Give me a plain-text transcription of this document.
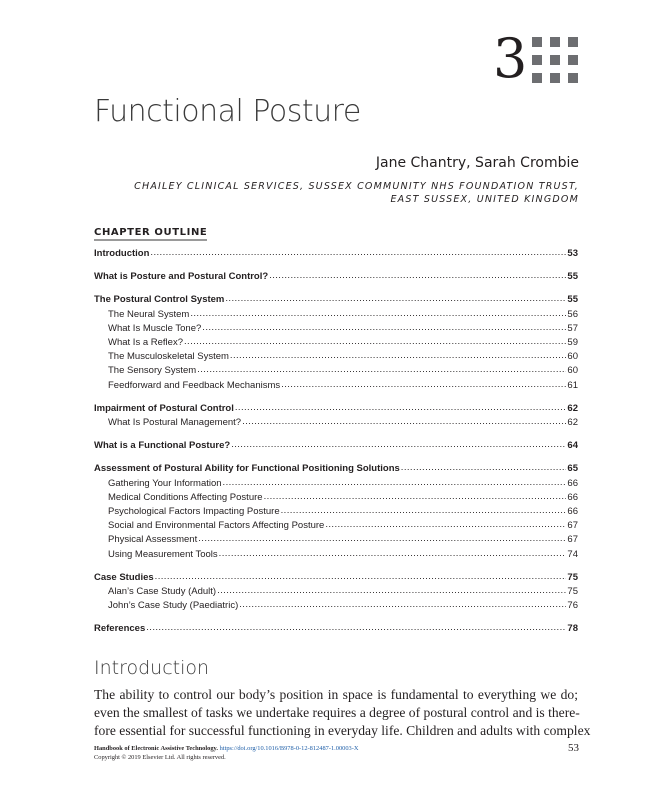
3
Functional Posture
Jane Chantry, Sarah Crombie
CHAILEY CLINICAL SERVICES, SUSSEX COMMUNITY NHS FOUNDATION TRUST,
EAST SUSSEX, UNITED KINGDOM
CHAPTER OUTLINE
Introduction .....	53
What is Posture and Postural Control? .....	55
The Postural Control System .....	55
The Neural System .....	56
What Is Muscle Tone? .....	57
What Is a Reflex? .....	59
The Musculoskeletal System .....	60
The Sensory System .....	60
Feedforward and Feedback Mechanisms .....	61
Impairment of Postural Control .....	62
What Is Postural Management? .....	62
What is a Functional Posture? .....	64
Assessment of Postural Ability for Functional Positioning Solutions .....	65
Gathering Your Information .....	66
Medical Conditions Affecting Posture .....	66
Psychological Factors Impacting Posture .....	66
Social and Environmental Factors Affecting Posture .....	67
Physical Assessment .....	67
Using Measurement Tools .....	74
Case Studies .....	75
Alan’s Case Study (Adult) .....	75
John’s Case Study (Paediatric) .....	76
References .....	78
Introduction
The ability to control our body’s position in space is fundamental to everything we do;
even the smallest of tasks we undertake requires a degree of postural control and is there-
fore essential for successful functioning in everyday life. Children and adults with complex
Handbook of Electronic Assistive Technology. https://doi.org/10.1016/B978-0-12-812487-1.00003-X
Copyright © 2019 Elsevier Ltd. All rights reserved.
53
